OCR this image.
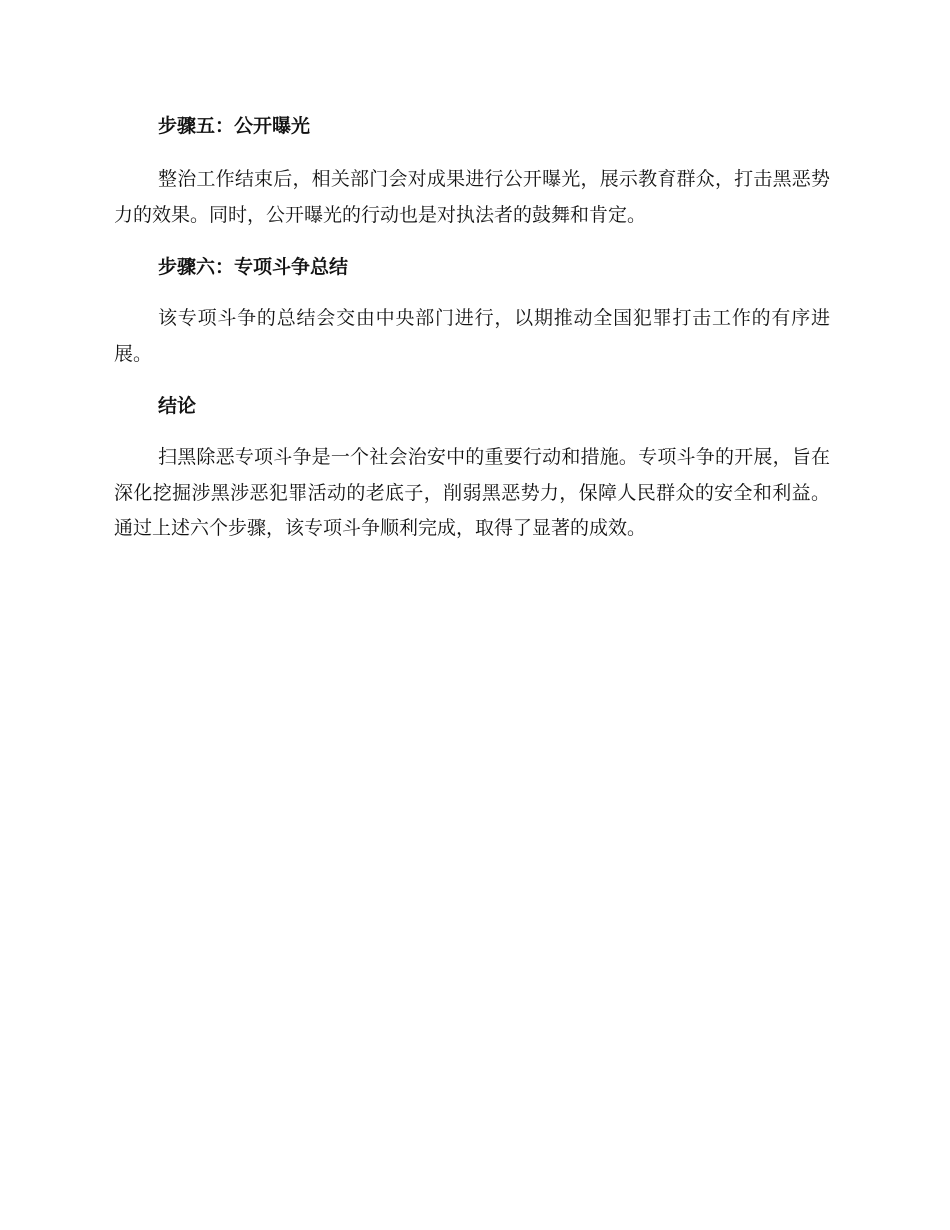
步骤五：公开曝光

整治工作结束后，相关部门会对成果进行公开曝光，展示教育群众，打击黑恶势力的效果。同时，公开曝光的行动也是对执法者的鼓舞和肯定。

步骤六：专项斗争总结

该专项斗争的总结会交由中央部门进行，以期推动全国犯罪打击工作的有序进展。

结论

扫黑除恶专项斗争是一个社会治安中的重要行动和措施。专项斗争的开展，旨在深化挖掘涉黑涉恶犯罪活动的老底子，削弱黑恶势力，保障人民群众的安全和利益。通过上述六个步骤，该专项斗争顺利完成，取得了显著的成效。
